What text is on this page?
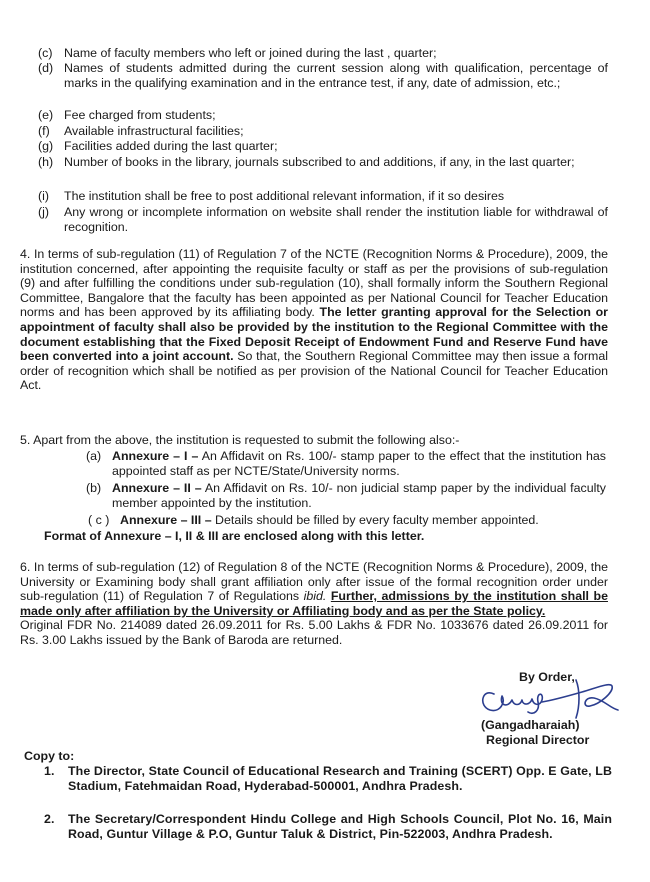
(c) Name of faculty members who left or joined during the last , quarter;
(d) Names of students admitted during the current session along with qualification, percentage of marks in the qualifying examination and in the entrance test, if any, date of admission, etc.;
(e) Fee charged from students;
(f)	Available infrastructural facilities;
(g) Facilities added during the last quarter;
(h) Number of books in the library, journals subscribed to and additions, if any, in the last quarter;
(i)	The institution shall be free to post additional relevant information, if it so desires
(j)	Any wrong or incomplete information on website shall render the institution liable for withdrawal of recognition.
4. In terms of sub-regulation (11) of Regulation 7 of the NCTE (Recognition Norms & Procedure), 2009, the institution concerned, after appointing the requisite faculty or staff as per the provisions of sub-regulation (9) and after fulfilling the conditions under sub-regulation (10), shall formally inform the Southern Regional Committee, Bangalore that the faculty has been appointed as per National Council for Teacher Education norms and has been approved by its affiliating body. The letter granting approval for the Selection or appointment of faculty shall also be provided by the institution to the Regional Committee with the document establishing that the Fixed Deposit Receipt of Endowment Fund and Reserve Fund have been converted into a joint account. So that, the Southern Regional Committee may then issue a formal order of recognition which shall be notified as per provision of the National Council for Teacher Education Act.
5. Apart from the above, the institution is requested to submit the following also:-
(a) Annexure – I – An Affidavit on Rs. 100/- stamp paper to the effect that the institution has appointed staff as per NCTE/State/University norms.
(b) Annexure – II – An Affidavit on Rs. 10/- non judicial stamp paper by the individual faculty member appointed by the institution.
( c ) Annexure – III – Details should be filled by every faculty member appointed.
Format of Annexure – I, II & III are enclosed along with this letter.
6. In terms of sub-regulation (12) of Regulation 8 of the NCTE (Recognition Norms & Procedure), 2009, the University or Examining body shall grant affiliation only after issue of the formal recognition order under sub-regulation (11) of Regulation 7 of Regulations ibid. Further, admissions by the institution shall be made only after affiliation by the University or Affiliating body and as per the State policy.
Original FDR No. 214089 dated 26.09.2011 for Rs. 5.00 Lakhs & FDR No. 1033676 dated 26.09.2011 for Rs. 3.00 Lakhs issued by the Bank of Baroda are returned.
By Order,
(Gangadharaiah)
Regional Director
Copy to:
1.	The Director, State Council of Educational Research and Training (SCERT) Opp. E Gate, LB Stadium, Fatehmaidan Road, Hyderabad-500001, Andhra Pradesh.
2.	The Secretary/Correspondent Hindu College and High Schools Council, Plot No. 16, Main Road, Guntur Village & P.O, Guntur Taluk & District, Pin-522003, Andhra Pradesh.
